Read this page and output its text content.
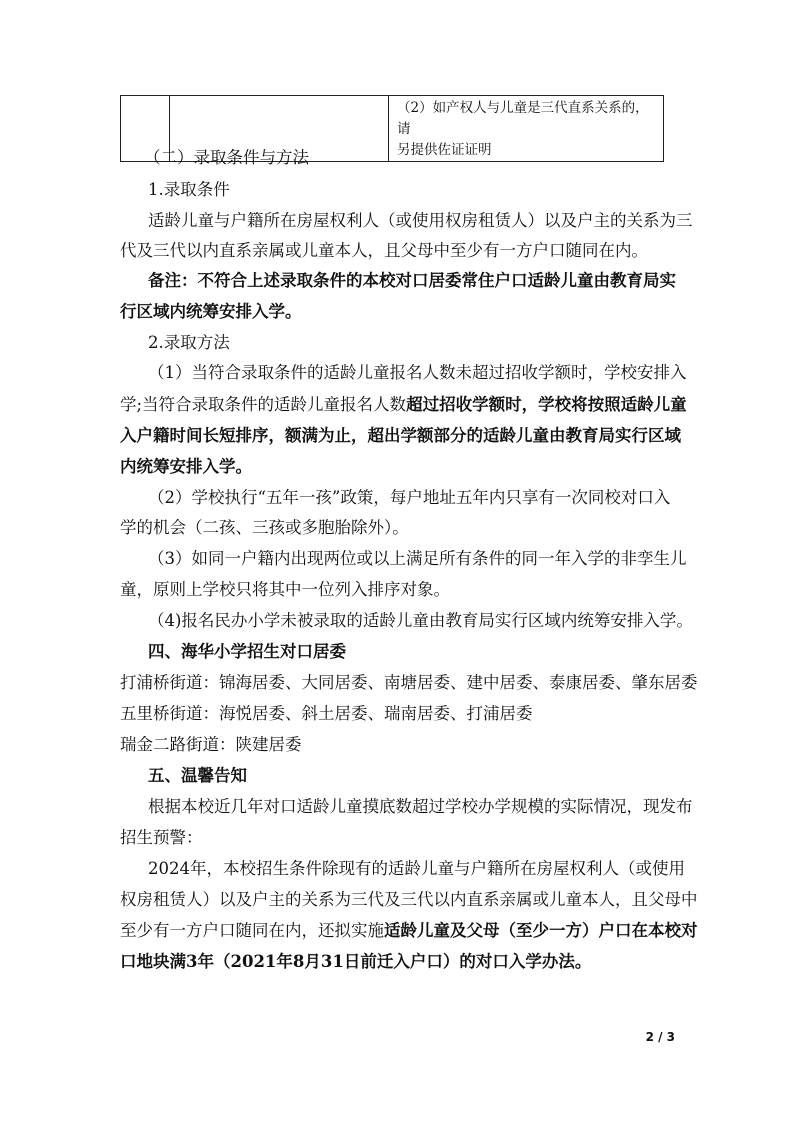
（2）如产权人与儿童是三代直系关系的，请
另提供佐证证明
（二）录取条件与方法
1.录取条件
适龄儿童与户籍所在房屋权利人（或使用权房租赁人）以及户主的关系为三
代及三代以内直系亲属或儿童本人，且父母中至少有一方户口随同在内。
备注：不符合上述录取条件的本校对口居委常住户口适龄儿童由教育局实
行区域内统筹安排入学。
2.录取方法
（1）当符合录取条件的适龄儿童报名人数未超过招收学额时，学校安排入
学;当符合录取条件的适龄儿童报名人数超过招收学额时，学校将按照适龄儿童
入户籍时间长短排序，额满为止，超出学额部分的适龄儿童由教育局实行区域
内统筹安排入学。
（2）学校执行“五年一孩”政策，每户地址五年内只享有一次同校对口入
学的机会（二孩、三孩或多胞胎除外）。
（3）如同一户籍内出现两位或以上满足所有条件的同一年入学的非孪生儿
童，原则上学校只将其中一位列入排序对象。
（4)报名民办小学未被录取的适龄儿童由教育局实行区域内统筹安排入学。
四、海华小学招生对口居委
打浦桥街道：锦海居委、大同居委、南塘居委、建中居委、泰康居委、肇东居委
五里桥街道：海悦居委、斜土居委、瑞南居委、打浦居委
瑞金二路街道：陕建居委
五、温馨告知
根据本校近几年对口适龄儿童摸底数超过学校办学规模的实际情况，现发布
招生预警：
2024年，本校招生条件除现有的适龄儿童与户籍所在房屋权利人（或使用
权房租赁人）以及户主的关系为三代及三代以内直系亲属或儿童本人，且父母中
至少有一方户口随同在内，还拟实施适龄儿童及父母（至少一方）户口在本校对
口地块满3年（2021年8月31日前迁入户口）的对口入学办法。
2 / 3
